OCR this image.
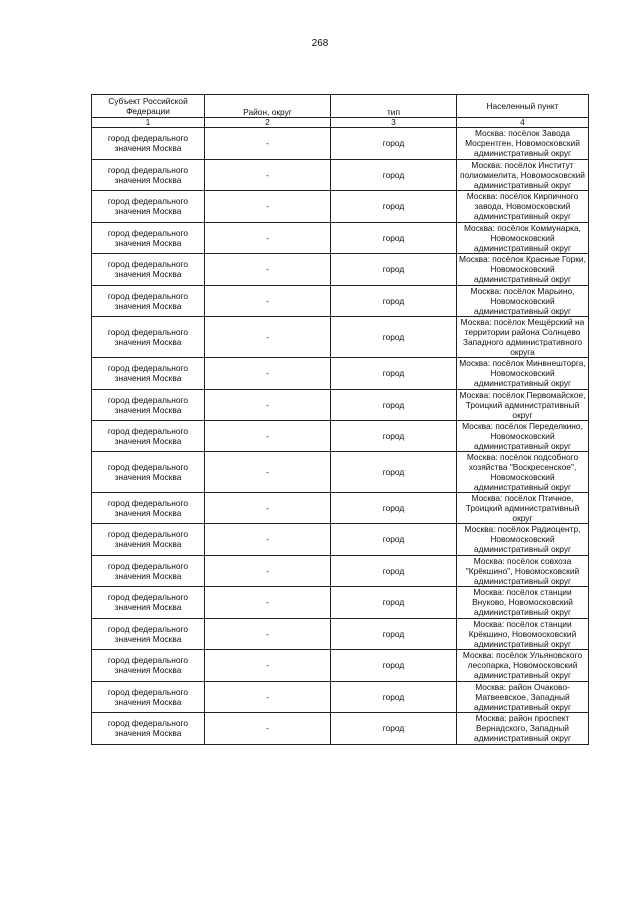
268
Субъект Российской Федерации	Район, округ	тип	Населенный пункт
1	2	3	4
город федерального значения Москва	-	город	Москва: посёлок Завода Мосрентген, Новомосковский административный округ
город федерального значения Москва	-	город	Москва: посёлок Институт полиомиелита, Новомосковский административный округ
город федерального значения Москва	-	город	Москва: посёлок Кирпичного завода, Новомосковский административный округ
город федерального значения Москва	-	город	Москва: посёлок Коммунарка, Новомосковский административный округ
город федерального значения Москва	-	город	Москва: посёлок Красные Горки, Новомосковский административный округ
город федерального значения Москва	-	город	Москва: посёлок Марьино, Новомосковский административный округ
город федерального значения Москва	-	город	Москва: посёлок Мещёрский на территории района Солнцево Западного административного округа
город федерального значения Москва	-	город	Москва: посёлок Минвнешторга, Новомосковский административный округ
город федерального значения Москва	-	город	Москва: посёлок Первомайское, Троицкий административный округ
город федерального значения Москва	-	город	Москва: посёлок Переделкино, Новомосковский административный округ
город федерального значения Москва	-	город	Москва: посёлок подсобного хозяйства "Воскресенское", Новомосковский административный округ
город федерального значения Москва	-	город	Москва: посёлок Птичное, Троицкий административный округ
город федерального значения Москва	-	город	Москва: посёлок Радиоцентр, Новомосковский административный округ
город федерального значения Москва	-	город	Москва: посёлок совхоза "Крёкшино", Новомосковский административный округ
город федерального значения Москва	-	город	Москва: посёлок станции Внуково, Новомосковский административный округ
город федерального значения Москва	-	город	Москва: посёлок станции Крёкшино, Новомосковский административный округ
город федерального значения Москва	-	город	Москва: посёлок Ульяновского лесопарка, Новомосковский административный округ
город федерального значения Москва	-	город	Москва: район Очаково-Матвеевское, Западный административный округ
город федерального значения Москва	-	город	Москва: район проспект Вернадского, Западный административный округ
